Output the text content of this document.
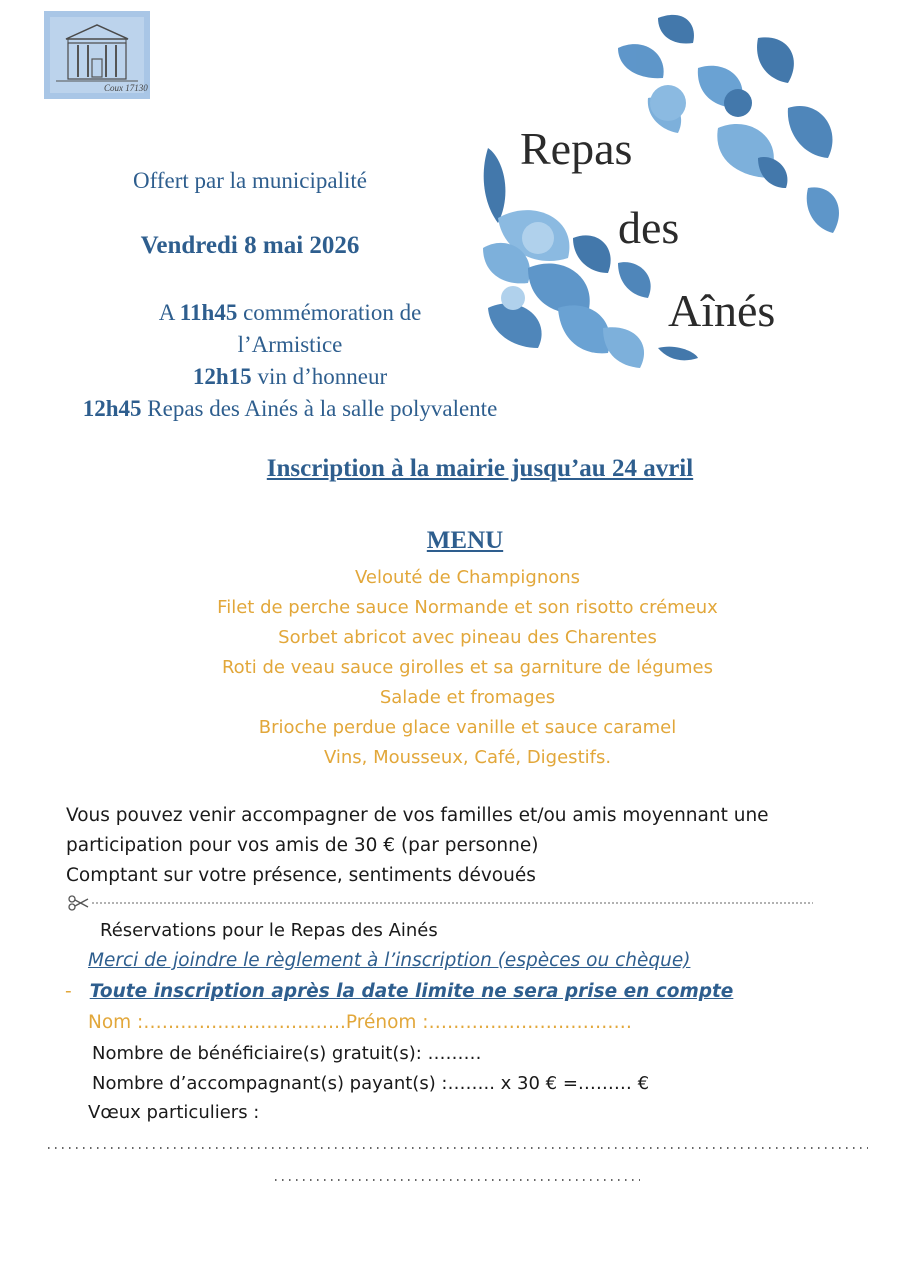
Coux 17130
Repas
des
Aînés
Offert par la municipalité
Vendredi 8 mai 2026
A 11h45 commémoration de
l’Armistice
12h15 vin d’honneur
12h45 Repas des Ainés à la salle polyvalente
Inscription à la mairie jusqu’au 24 avril
MENU
Velouté de Champignons
Filet de perche sauce Normande et son risotto crémeux
Sorbet abricot avec pineau des Charentes
Roti de veau sauce girolles et sa garniture de légumes
Salade et fromages
Brioche perdue glace vanille et sauce caramel
Vins, Mousseux, Café, Digestifs.
Vous pouvez venir accompagner de vos familles et/ou amis moyennant une
participation pour vos amis de 30 € (par personne)
Comptant sur votre présence, sentiments dévoués
Réservations pour le Repas des Ainés
Merci de joindre le règlement à l’inscription (espèces ou chèque)
- Toute inscription après la date limite ne sera prise en compte
Nom :……………….…………..Prénom :……………………………
Nombre de bénéficiaire(s) gratuit(s): ………
Nombre d’accompagnant(s) payant(s) :…….. x 30 € =……… €
Vœux particuliers :
